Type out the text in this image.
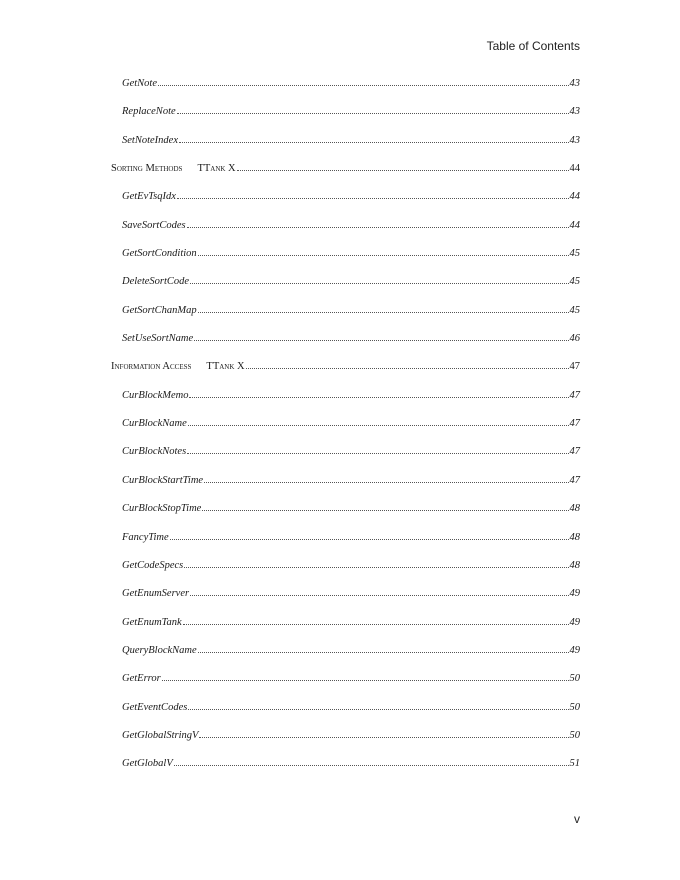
Table of Contents
GetNote	43
ReplaceNote	43
SetNoteIndex	43
Sorting Methods TTank X	44
GetEvTsqIdx	44
SaveSortCodes	44
GetSortCondition	45
DeleteSortCode	45
GetSortChanMap	45
SetUseSortName	46
Information Access TTank X	47
CurBlockMemo	47
CurBlockName	47
CurBlockNotes	47
CurBlockStartTime	47
CurBlockStopTime	48
FancyTime	48
GetCodeSpecs	48
GetEnumServer	49
GetEnumTank	49
QueryBlockName	49
GetError	50
GetEventCodes	50
GetGlobalStringV	50
GetGlobalV	51
v
